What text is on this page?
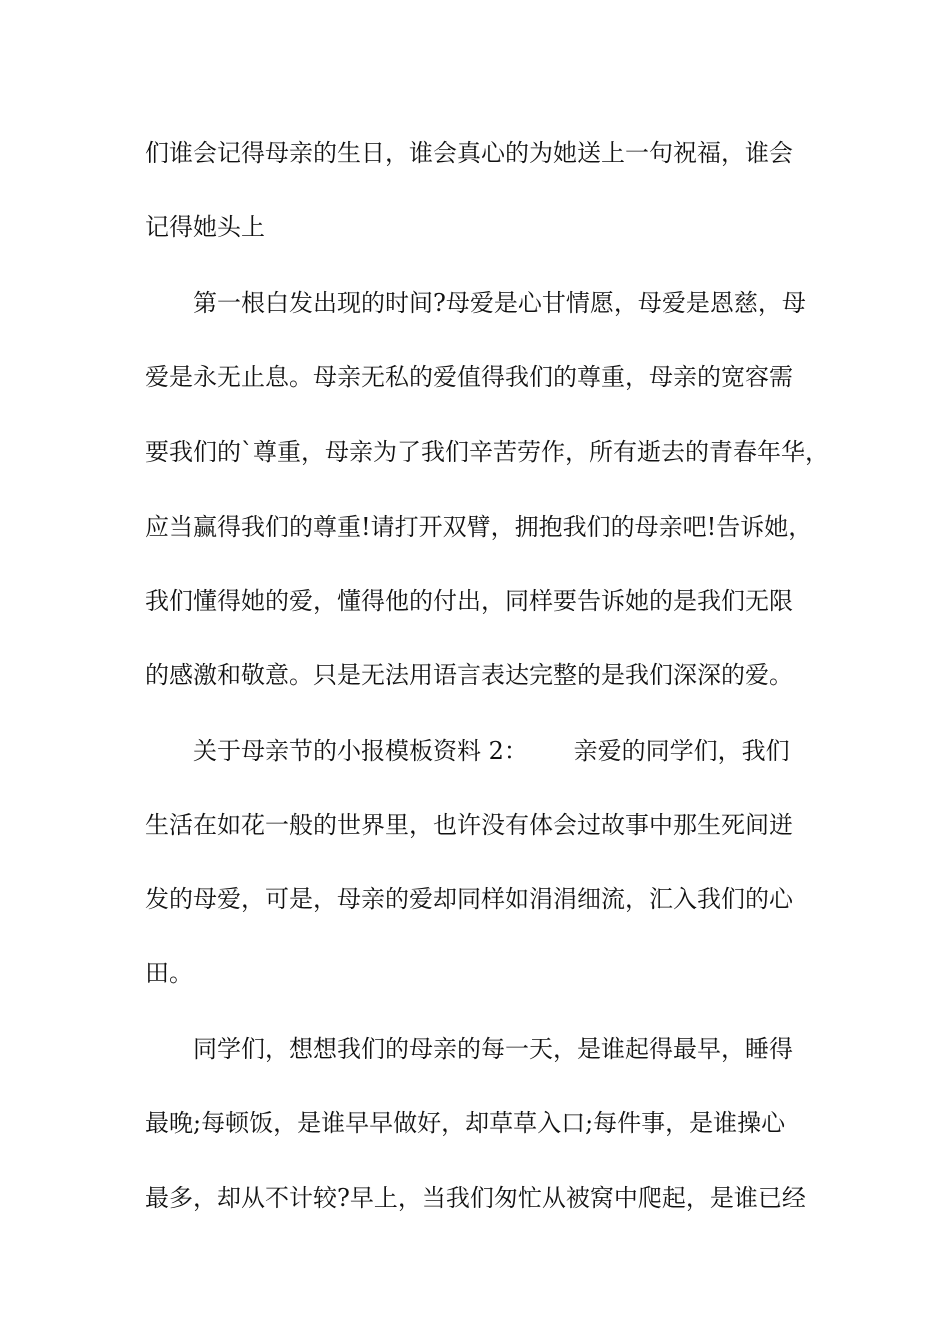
们谁会记得母亲的生日，谁会真心的为她送上一句祝福，谁会
记得她头上
第一根白发出现的时间?母爱是心甘情愿，母爱是恩慈，母
爱是永无止息。母亲无私的爱值得我们的尊重，母亲的宽容需
要我们的`尊重，母亲为了我们辛苦劳作，所有逝去的青春年华，
应当赢得我们的尊重!请打开双臂，拥抱我们的母亲吧!告诉她，
我们懂得她的爱，懂得他的付出，同样要告诉她的是我们无限
的感激和敬意。只是无法用语言表达完整的是我们深深的爱。
关于母亲节的小报模板资料 2：      亲爱的同学们，我们
生活在如花一般的世界里，也许没有体会过故事中那生死间迸
发的母爱，可是，母亲的爱却同样如涓涓细流，汇入我们的心
田。
同学们，想想我们的母亲的每一天，是谁起得最早，睡得
最晚;每顿饭，是谁早早做好，却草草入口;每件事，是谁操心
最多，却从不计较?早上，当我们匆忙从被窝中爬起，是谁已经
